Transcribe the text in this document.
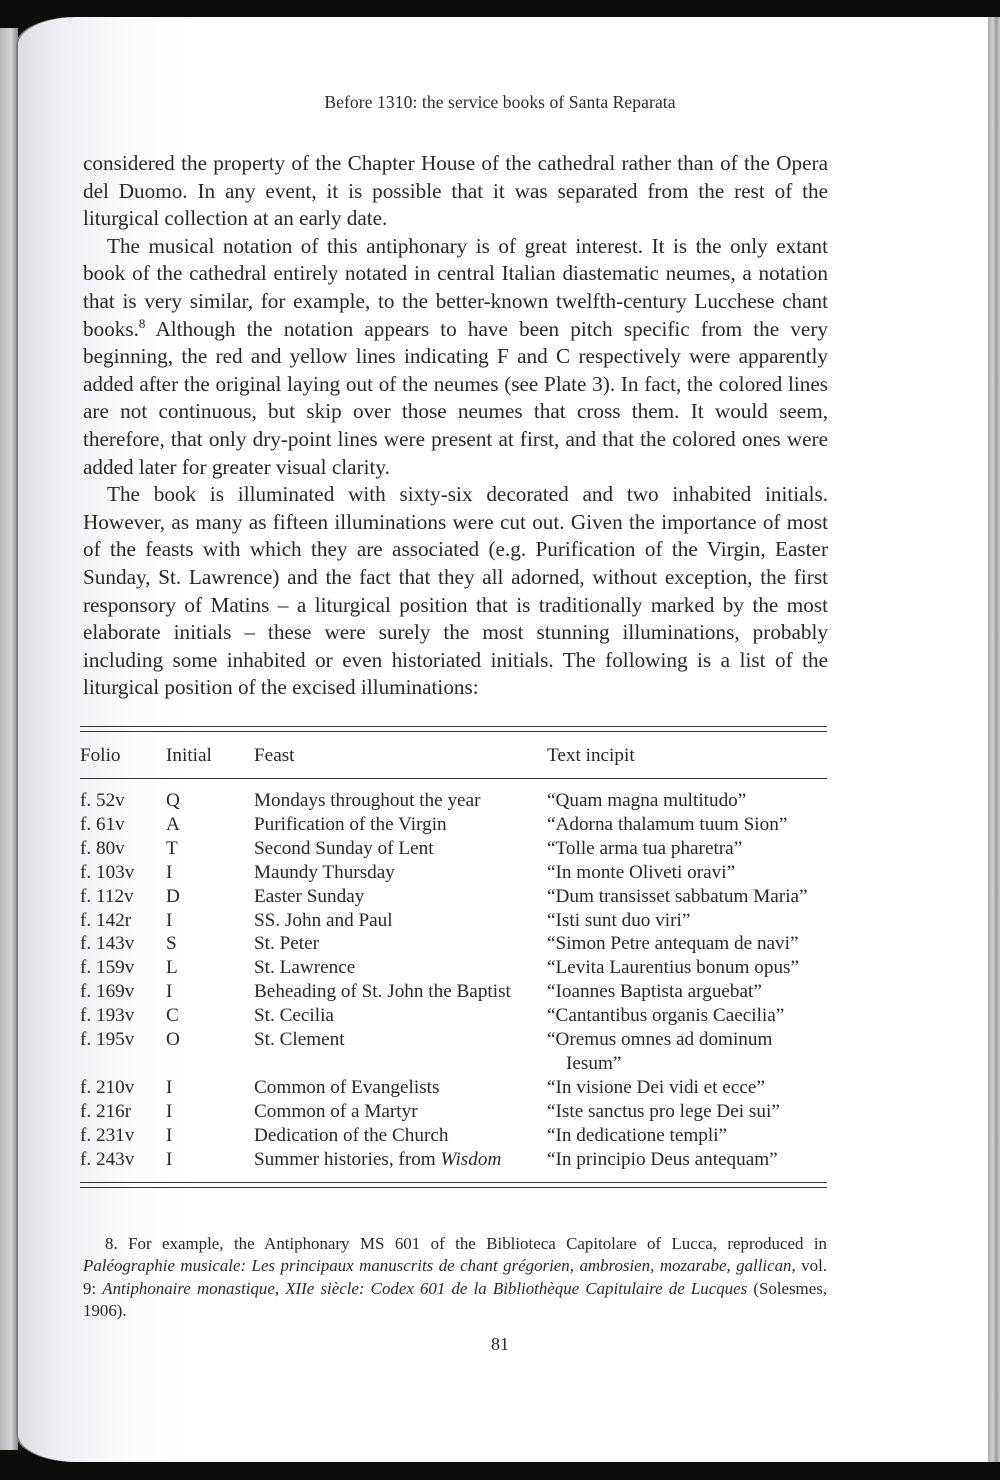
Before 1310: the service books of Santa Reparata

considered the property of the Chapter House of the cathedral rather than of the Opera del Duomo. In any event, it is possible that it was separated from the rest of the liturgical collection at an early date.

The musical notation of this antiphonary is of great interest. It is the only extant book of the cathedral entirely notated in central Italian diastematic neumes, a notation that is very similar, for example, to the better-known twelfth-century Lucchese chant books.$^8$ Although the notation appears to have been pitch specific from the very beginning, the red and yellow lines indicating F and C respectively were apparently added after the original laying out of the neumes (see Plate 3). In fact, the colored lines are not continuous, but skip over those neumes that cross them. It would seem, therefore, that only dry-point lines were present at first, and that the colored ones were added later for greater visual clarity.

The book is illuminated with sixty-six decorated and two inhabited initials. However, as many as fifteen illuminations were cut out. Given the importance of most of the feasts with which they are associated (e.g. Purification of the Virgin, Easter Sunday, St. Lawrence) and the fact that they all adorned, without exception, the first responsory of Matins – a liturgical position that is traditionally marked by the most elaborate initials – these were surely the most stunning illuminations, probably including some inhabited or even historiated initials. The following is a list of the liturgical position of the excised illuminations:

Folio	Initial	Feast	Text incipit

f. 52v	Q	Mondays throughout the year	“Quam magna multitudo”
f. 61v	A	Purification of the Virgin	“Adorna thalamum tuum Sion”
f. 80v	T	Second Sunday of Lent	“Tolle arma tua pharetra”
f. 103v	I	Maundy Thursday	“In monte Oliveti oravi”
f. 112v	D	Easter Sunday	“Dum transisset sabbatum Maria”
f. 142r	I	SS. John and Paul	“Isti sunt duo viri”
f. 143v	S	St. Peter	“Simon Petre antequam de navi”
f. 159v	L	St. Lawrence	“Levita Laurentius bonum opus”
f. 169v	I	Beheading of St. John the Baptist	“Ioannes Baptista arguebat”
f. 193v	C	St. Cecilia	“Cantantibus organis Caecilia”
f. 195v	O	St. Clement	“Oremus omnes ad dominum
Iesum”

f. 210v	I	Common of Evangelists	“In visione Dei vidi et ecce”
f. 216r	I	Common of a Martyr	“Iste sanctus pro lege Dei sui”
f. 231v	I	Dedication of the Church	“In dedicatione templi”
f. 243v	I	Summer histories, from Wisdom	“In principio Deus antequam”

8. For example, the Antiphonary MS 601 of the Biblioteca Capitolare of Lucca, reproduced in Paléographie musicale: Les principaux manuscrits de chant grégorien, ambrosien, mozarabe, gallican, vol. 9: Antiphonaire monastique, XIIe siècle: Codex 601 de la Bibliothèque Capitulaire de Lucques (Solesmes, 1906).

81
